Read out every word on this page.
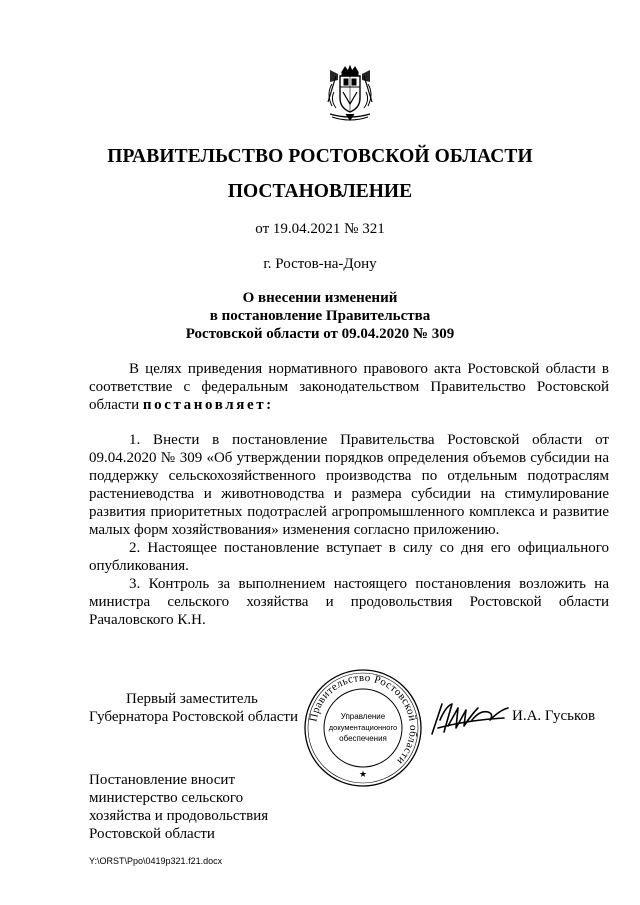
ПРАВИТЕЛЬСТВО РОСТОВСКОЙ ОБЛАСТИ
ПОСТАНОВЛЕНИЕ
от 19.04.2021 № 321
г. Ростов-на-Дону
О внесении изменений
в постановление Правительства
Ростовской области от 09.04.2020 № 309

В целях приведения нормативного правового акта Ростовской области в соответствие с федеральным законодательством Правительство Ростовской области постановляет:

1. Внести в постановление Правительства Ростовской области от 09.04.2020 № 309 «Об утверждении порядков определения объемов субсидии на поддержку сельскохозяйственного производства по отдельным подотраслям растениеводства и животноводства и размера субсидии на стимулирование развития приоритетных подотраслей агропромышленного комплекса и развитие малых форм хозяйствования» изменения согласно приложению.

2. Настоящее постановление вступает в силу со дня его официального опубликования.

3. Контроль за выполнением настоящего постановления возложить на министра сельского хозяйства и продовольствия Ростовской области Рачаловского К.Н.

Первый заместитель
Губернатора Ростовской области Правительство Ростовской области
Управление
документационного
обеспечения
★
И.А. Гуськов
Постановление вносит
министерство сельского
хозяйства и продовольствия
Ростовской области
Y:\ORST\Ppo\0419p321.f21.docx
